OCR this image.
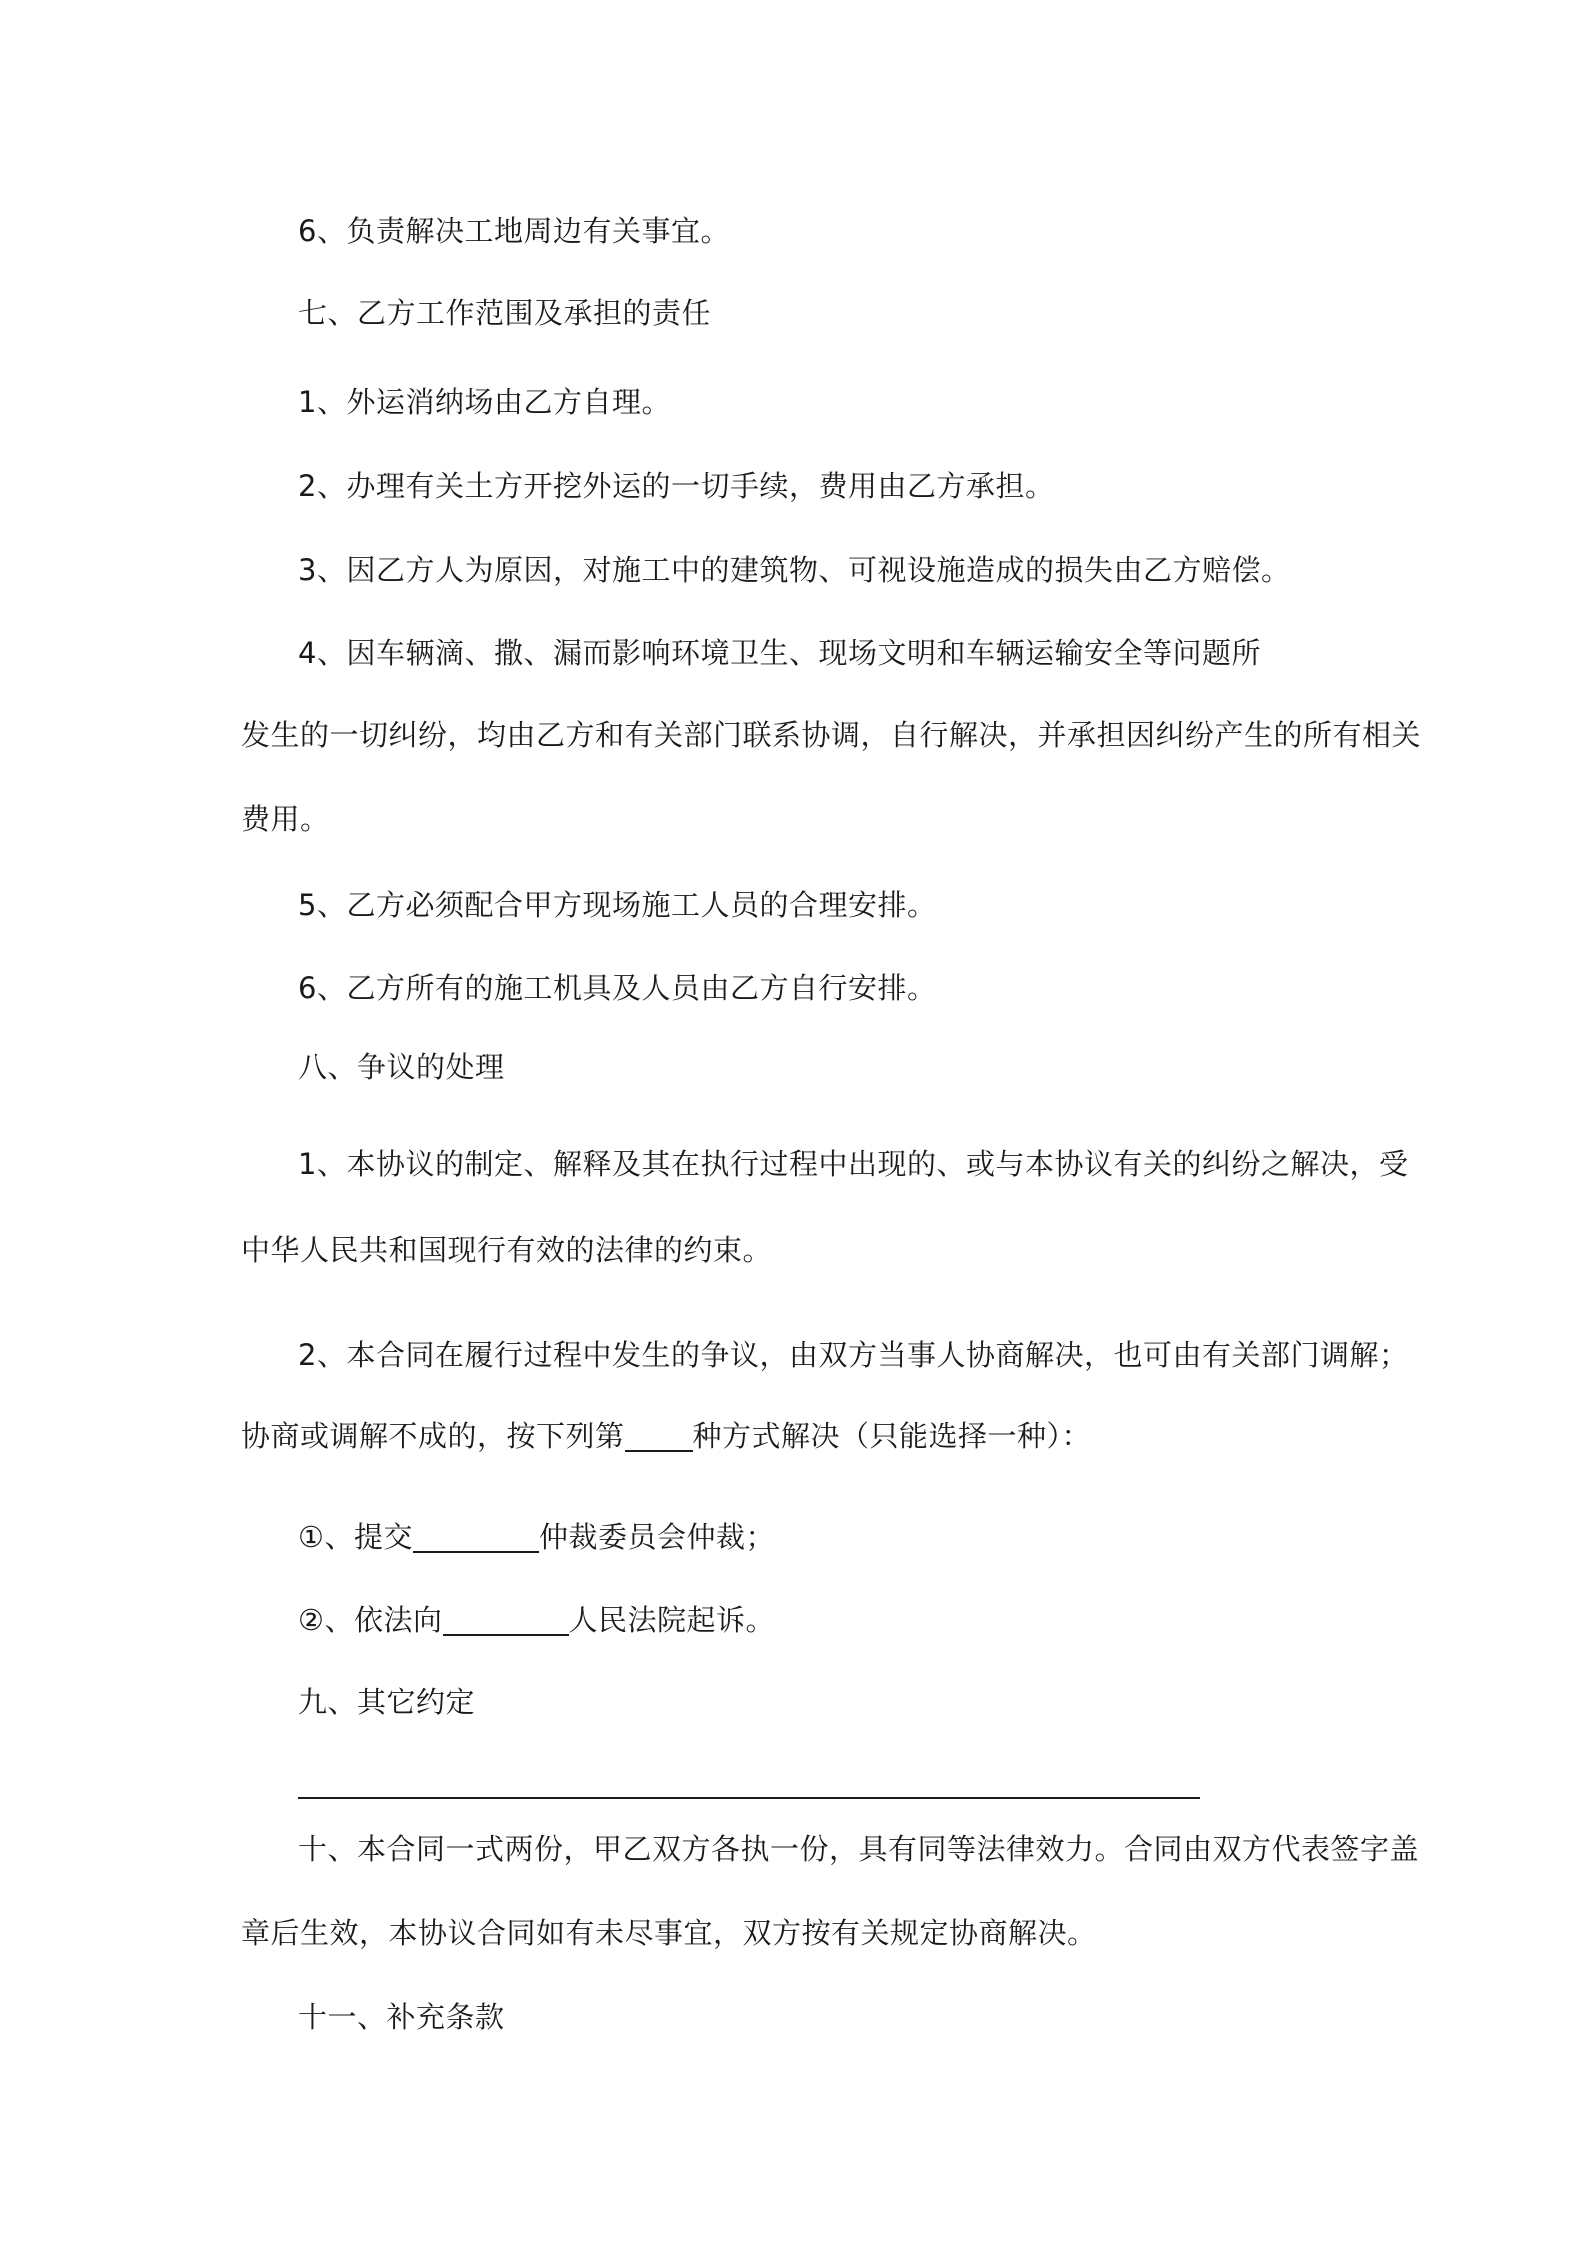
6、负责解决工地周边有关事宜。
七、乙方工作范围及承担的责任
1、外运消纳场由乙方自理。
2、办理有关土方开挖外运的一切手续，费用由乙方承担。
3、因乙方人为原因，对施工中的建筑物、可视设施造成的损失由乙方赔偿。
4、因车辆滴、撒、漏而影响环境卫生、现场文明和车辆运输安全等问题所
发生的一切纠纷，均由乙方和有关部门联系协调，自行解决，并承担因纠纷产生的所有相关
费用。
5、乙方必须配合甲方现场施工人员的合理安排。
6、乙方所有的施工机具及人员由乙方自行安排。
八、争议的处理
1、本协议的制定、解释及其在执行过程中出现的、或与本协议有关的纠纷之解决，受
中华人民共和国现行有效的法律的约束。
2、本合同在履行过程中发生的争议，由双方当事人协商解决，也可由有关部门调解；
协商或调解不成的，按下列第 种方式解决（只能选择一种）：
①、提交	仲裁委员会仲裁；
②、依法向	人民法院起诉。
九、其它约定
十、本合同一式两份，甲乙双方各执一份，具有同等法律效力。合同由双方代表签字盖
章后生效，本协议合同如有未尽事宜，双方按有关规定协商解决。
十一、补充条款
